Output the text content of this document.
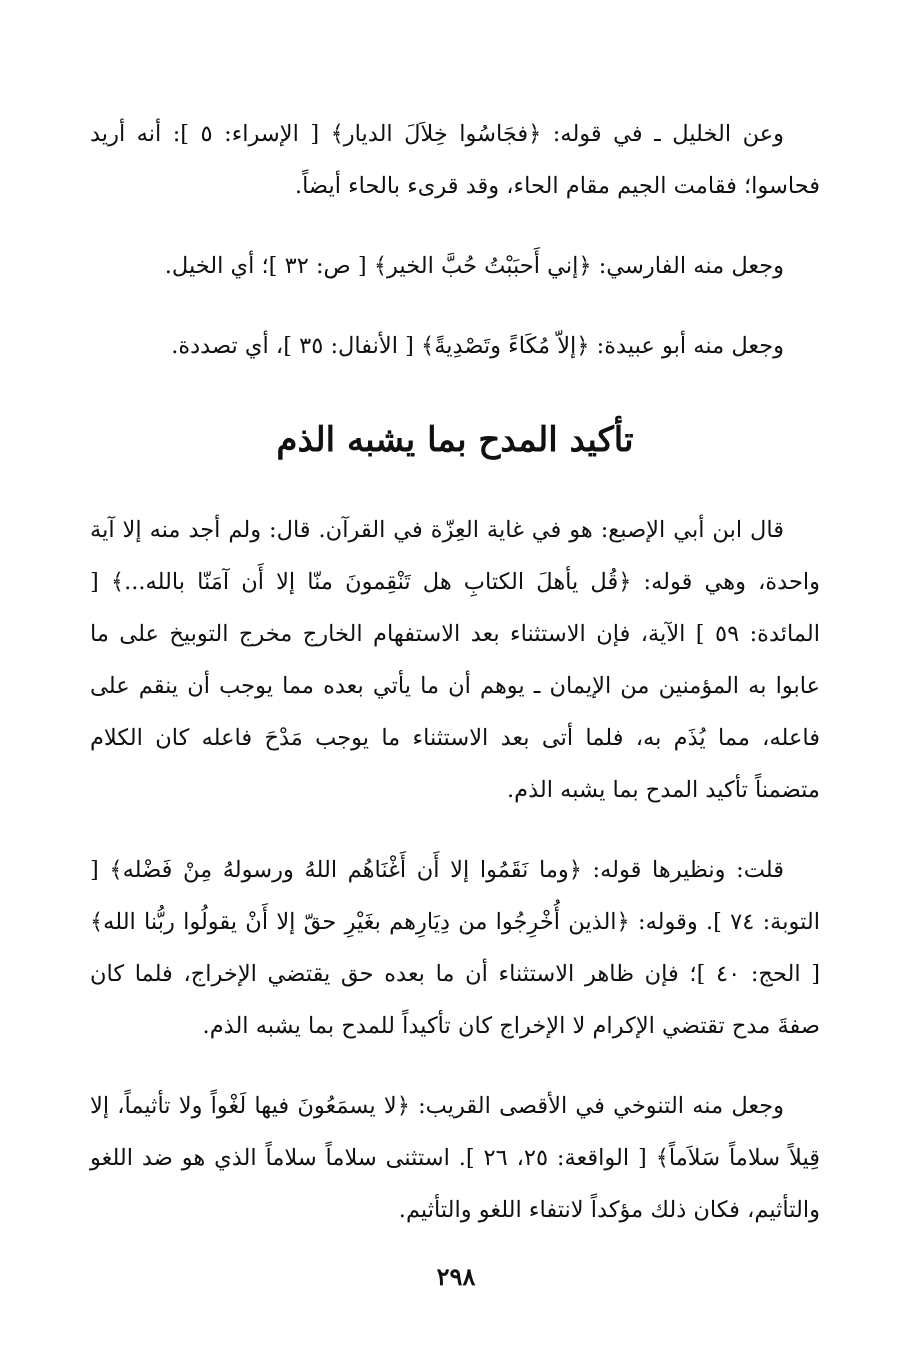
وعن الخليل ـ في قوله: ﴿فجَاسُوا خِلاَلَ الديار﴾ [ الإسراء: ٥ ]: أنه أريد فحاسوا؛ فقامت الجيم مقام الحاء، وقد قرىء بالحاء أيضاً.

وجعل منه الفارسي: ﴿إني أَحبَبْتُ حُبَّ الخير﴾ [ ص: ٣٢ ]؛ أي الخيل.

وجعل منه أبو عبيدة: ﴿إلاّ مُكَاءً وتَصْدِيةً﴾ [ الأنفال: ٣٥ ]، أي تصددة.

تأكيد المدح بما يشبه الذم

قال ابن أبي الإصبع: هو في غاية العِزّة في القرآن. قال: ولم أجد منه إلا آية واحدة، وهي قوله: ﴿قُل يأهلَ الكتابِ هل تَنْقِمونَ منّا إلا أَن آمَنّا بالله...﴾ [ المائدة: ٥٩ ] الآية، فإن الاستثناء بعد الاستفهام الخارج مخرج التوبيخ على ما عابوا به المؤمنين من الإيمان ـ يوهم أن ما يأتي بعده مما يوجب أن ينقم على فاعله، مما يُذَم به، فلما أتى بعد الاستثناء ما يوجب مَدْحَ فاعله كان الكلام متضمناً تأكيد المدح بما يشبه الذم.

قلت: ونظيرها قوله: ﴿وما نَقَمُوا إلا أَن أَغْنَاهُم اللهُ ورسولهُ مِنْ فَضْله﴾ [ التوبة: ٧٤ ]. وقوله: ﴿الذين أُخْرِجُوا من دِيَارِهم بغَيْرِ حقّ إلا أَنْ يقولُوا ربُّنا الله﴾ [ الحج: ٤٠ ]؛ فإن ظاهر الاستثناء أن ما بعده حق يقتضي الإخراج، فلما كان صفةَ مدح تقتضي الإكرام لا الإخراج كان تأكيداً للمدح بما يشبه الذم.

وجعل منه التنوخي في الأقصى القريب: ﴿لا يسمَعُونَ فيها لَغْواً ولا تأثيماً، إلا قِيلاً سلاماً سَلاَماً﴾ [ الواقعة: ٢٥، ٢٦ ]. استثنى سلاماً سلاماً الذي هو ضد اللغو والتأثيم، فكان ذلك مؤكداً لانتفاء اللغو والتأثيم.

٢٩٨
